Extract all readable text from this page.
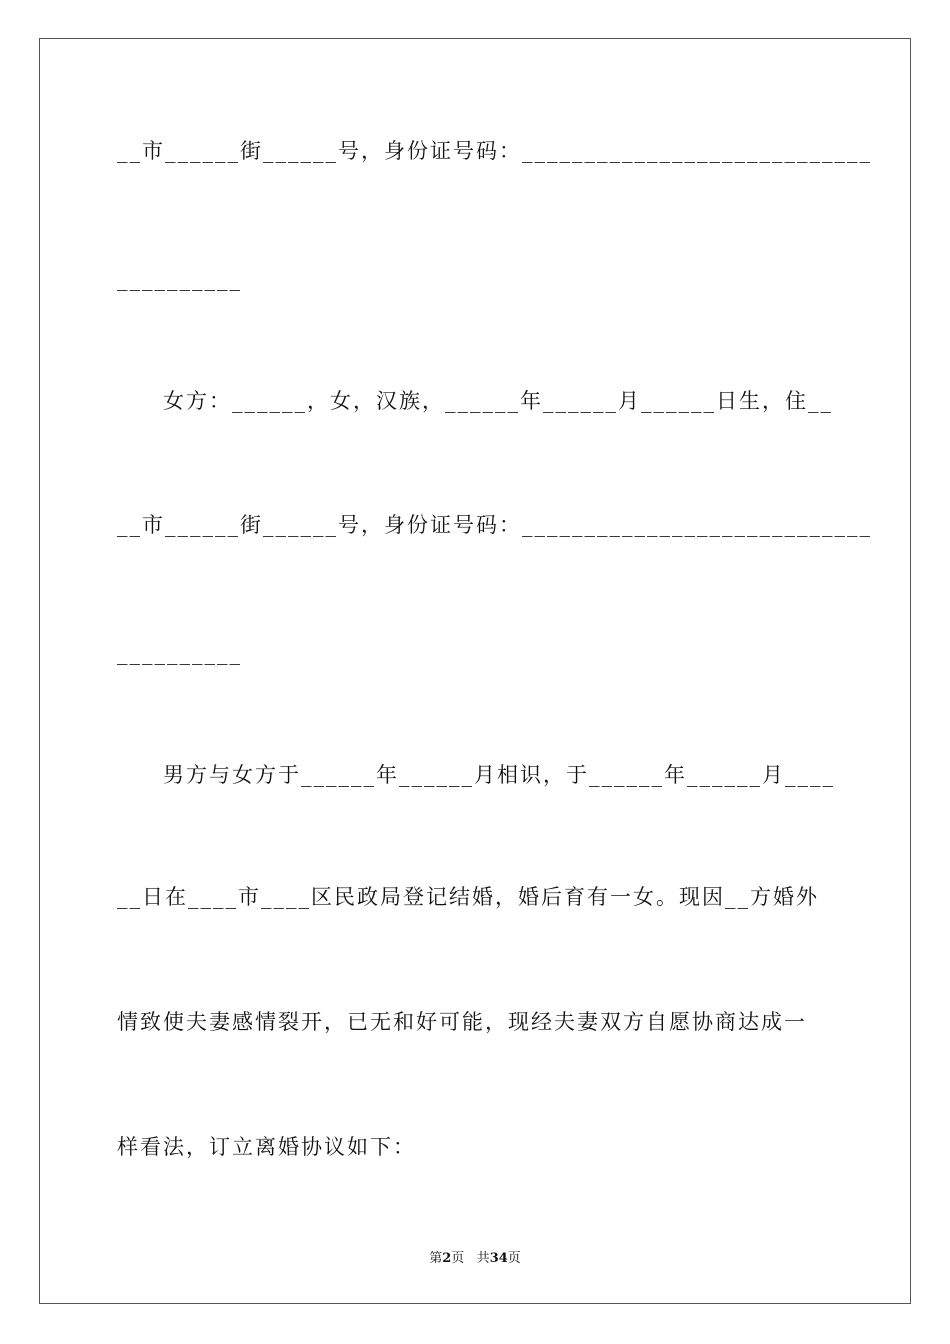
__市______街______号，身份证号码：____________________________
__________
女方：______，女，汉族，______年______月______日生，住__
__市______街______号，身份证号码：____________________________
__________
男方与女方于______年______月相识，于______年______月____
__日在____市____区民政局登记结婚，婚后育有一女。现因__方婚外
情致使夫妻感情裂开，已无和好可能，现经夫妻双方自愿协商达成一
样看法，订立离婚协议如下：
第2页 共34页
